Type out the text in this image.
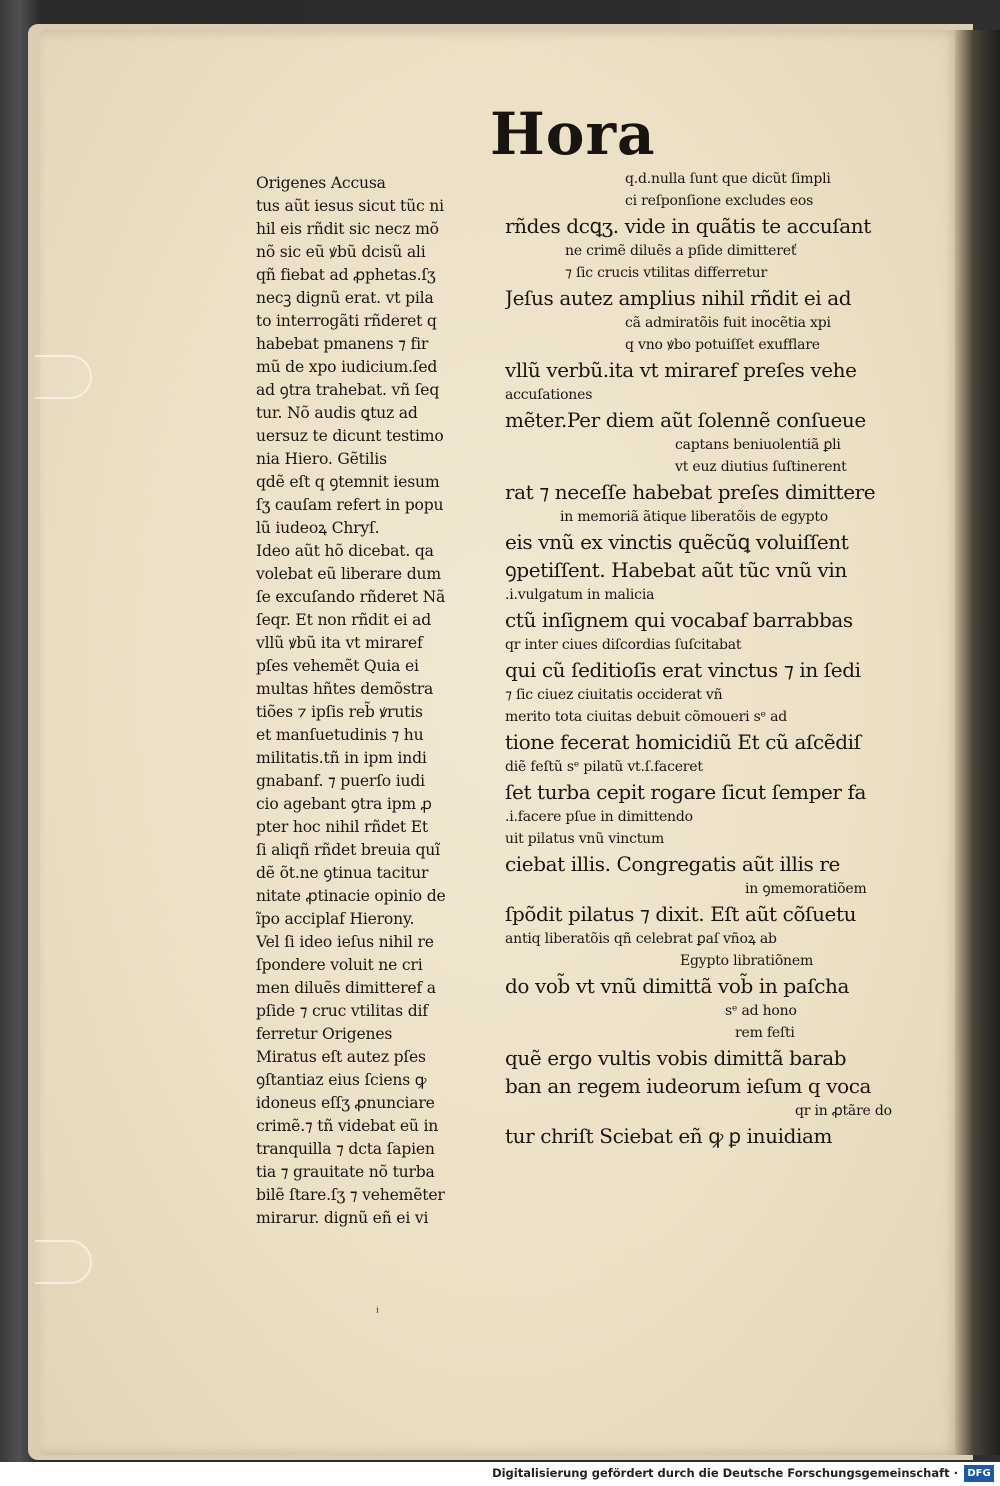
Hora
Origenes Accusa
tus aũt iesus sicut tũc ni
hil eis rñdit sic necz mõ
nõ sic eũ ꝟbũ dcisũ ali
qñ fiebat ad ꝓphetas.ſʒ
necꝫ dignũ erat. vt pila
to interrogãti rñderet q
habebat pmanens ⁊ fir
mũ de xpo iudicium.ſed
ad ꝯtra trahebat. vñ ſeq
tur. Nõ audis ꝗtuz ad
uersuz te dicunt testimo
nia Hiero. Gẽtilis
qdẽ eſt q ꝯtemnit iesum
ſʒ cauſam refert in popu
lũ iudeoꝝ Chryſ.
Ideo aũt hõ dicebat. qa
volebat eũ liberare dum
ſe excuſando rñderet Nã
ſeqr. Et non rñdit ei ad
vllũ ꝟbũ ita vt miraref
pſes vehemẽt Quia ei
multas hñtes demõstra
tiões ⁊ ipſis reb̃ ꝟrutis
et manſuetudinis ⁊ hu
militatis.tñ in ipm indi
gnabanf. ⁊ puerſo iudi
cio agebant ꝯtra ipm ꝓ
pter hoc nihil rñdet Et
ſi aliqñ rñdet breuia quĩ
dẽ õt.ne ꝯtinua tacitur
nitate ꝓtinacie opinio de
ĩpo acciplaf Hierony.
Vel ſi ideo ieſus nihil re
ſpondere voluit ne cri
men diluẽs dimitteref a
pſide ⁊ cruc vtilitas dif
ferretur Origenes
Miratus eſt autez pſes
ꝯſtantiaz eius ſciens ꝙ
idoneus eſſʒ ꝓnunciare
crimẽ.⁊ tñ videbat eũ in
tranquilla ⁊ dcta ſapien
tia ⁊ grauitate nõ turba
bilẽ ſtare.ſʒ ⁊ vehemẽter
mirarur. dignũ eñ ei vi
q.d.nulla ſunt que dicũt ſimpli
ci reſponſione excludes eos
rñdes dcꝗʒ. vide in quãtis te accuſant
ne crimẽ diluẽs a pſide dimittereť
⁊ ſic crucis vtilitas differretur
Jeſus autez amplius nihil rñdit ei ad
cã admiratõis fuit inocẽtia xpi
q vno ꝟbo potuiſſet exufflare
vllũ verbũ.ita vt miraref preſes vehe
accuſationes
mẽter.Per diem aũt ſolennẽ conſueue
captans beniuolentiã ꝑli
vt euz diutius ſuſtinerent
rat ⁊ neceſſe habebat preſes dimittere
in memoriã ãtique liberatõis de egypto
eis vnũ ex vinctis quẽcũꝗ voluiſſent
ꝯpetiſſent. Habebat aũt tũc vnũ vin
.i.vulgatum in malicia
ctũ inſignem qui vocabaf barrabbas
qr inter ciues diſcordias ſuſcitabat
qui cũ ſeditioſis erat vinctus ⁊ in ſedi
⁊ ſic ciuez ciuitatis occiderat vñ
merito tota ciuitas debuit cõmoueri sᵉ ad
tione fecerat homicidiũ Et cũ aſcẽdiſ
diẽ feſtũ sᵉ pilatũ vt.ſ.faceret
ſet turba cepit rogare ſicut ſemper fa
.i.facere pſue in dimittendo
uit pilatus vnũ vinctum
ciebat illis. Congregatis aũt illis re
in ꝯmemoratiõem
ſpõdit pilatus ⁊ dixit. Eſt aũt cõſuetu
antiq liberatõis qñ celebrat ꝑaſ vñoꝝ ab
Egypto libratiõnem
do vob̃ vt vnũ dimittã vob̃ in paſcha
sᵉ ad hono
rem feſti
quẽ ergo vultis vobis dimittã barab
ban an regem iudeorum ieſum q voca
qr in ꝓtãre do
tur chriſt Sciebat eñ ꝙ ꝑ inuidiam
ⁱ
Digitalisierung gefördert durch die Deutsche Forschungsgemeinschaft · DFG
